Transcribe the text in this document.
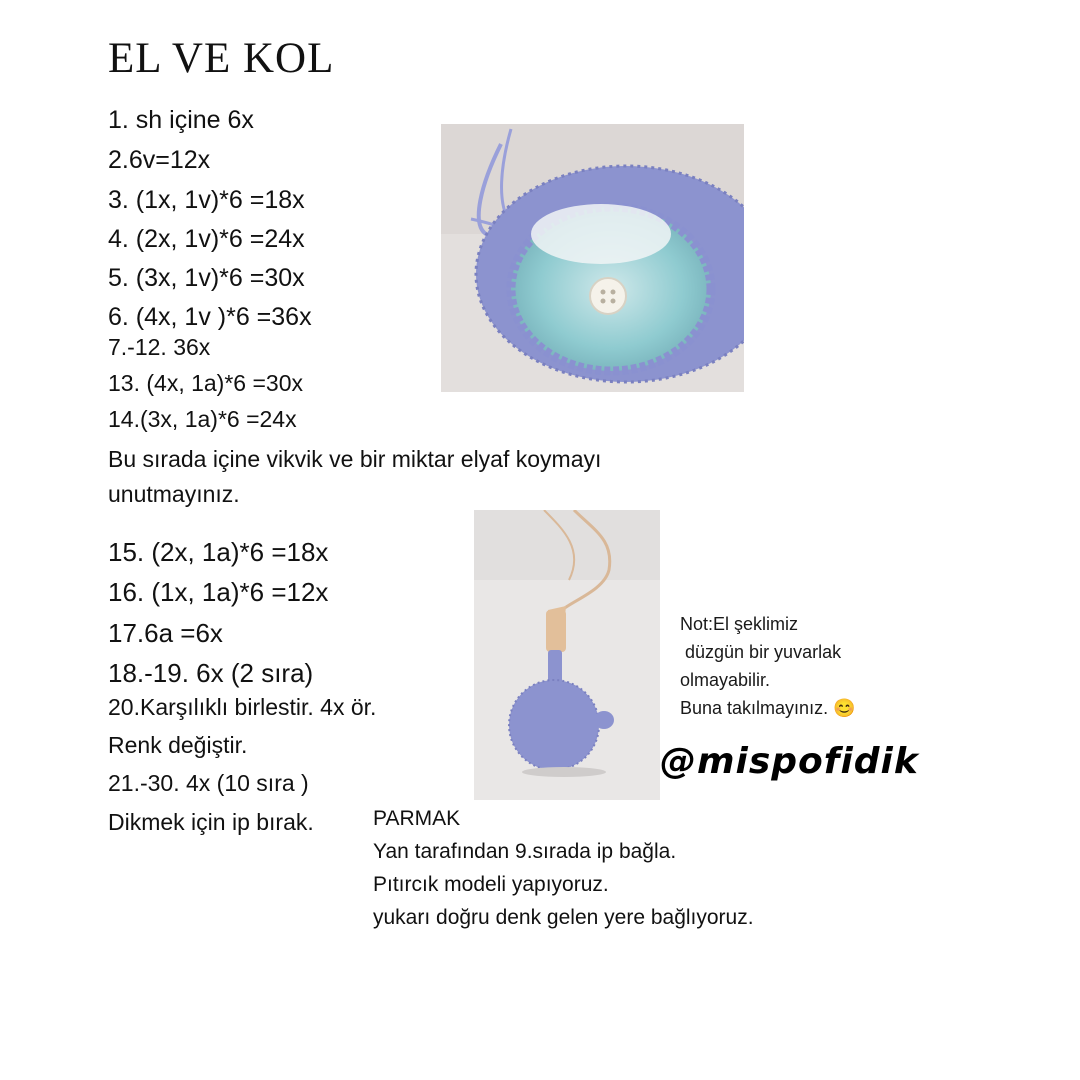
EL VE KOL
1. sh içine 6x
2.6v=12x
3. (1x, 1v)*6 =18x
4. (2x, 1v)*6 =24x
5. (3x, 1v)*6 =30x
6. (4x, 1v )*6 =36x
7.-12. 36x
13. (4x, 1a)*6 =30x
14.(3x, 1a)*6 =24x
Bu sırada içine vikvik ve bir miktar elyaf koymayı
unutmayınız.
15. (2x, 1a)*6 =18x
16. (1x, 1a)*6 =12x
17.6a =6x
18.-19. 6x (2 sıra)
20.Karşılıklı birlestir. 4x ör.
Renk değiştir.
21.-30. 4x (10 sıra )
Dikmek için ip bırak.	PARMAK
Yan tarafından 9.sırada ip bağla.
Pıtırcık modeli yapıyoruz.
yukarı doğru denk gelen yere bağlıyoruz.
Not:El şeklimiz
düzgün bir yuvarlak
olmayabilir.
Buna takılmayınız. 😊
@mispofidik
